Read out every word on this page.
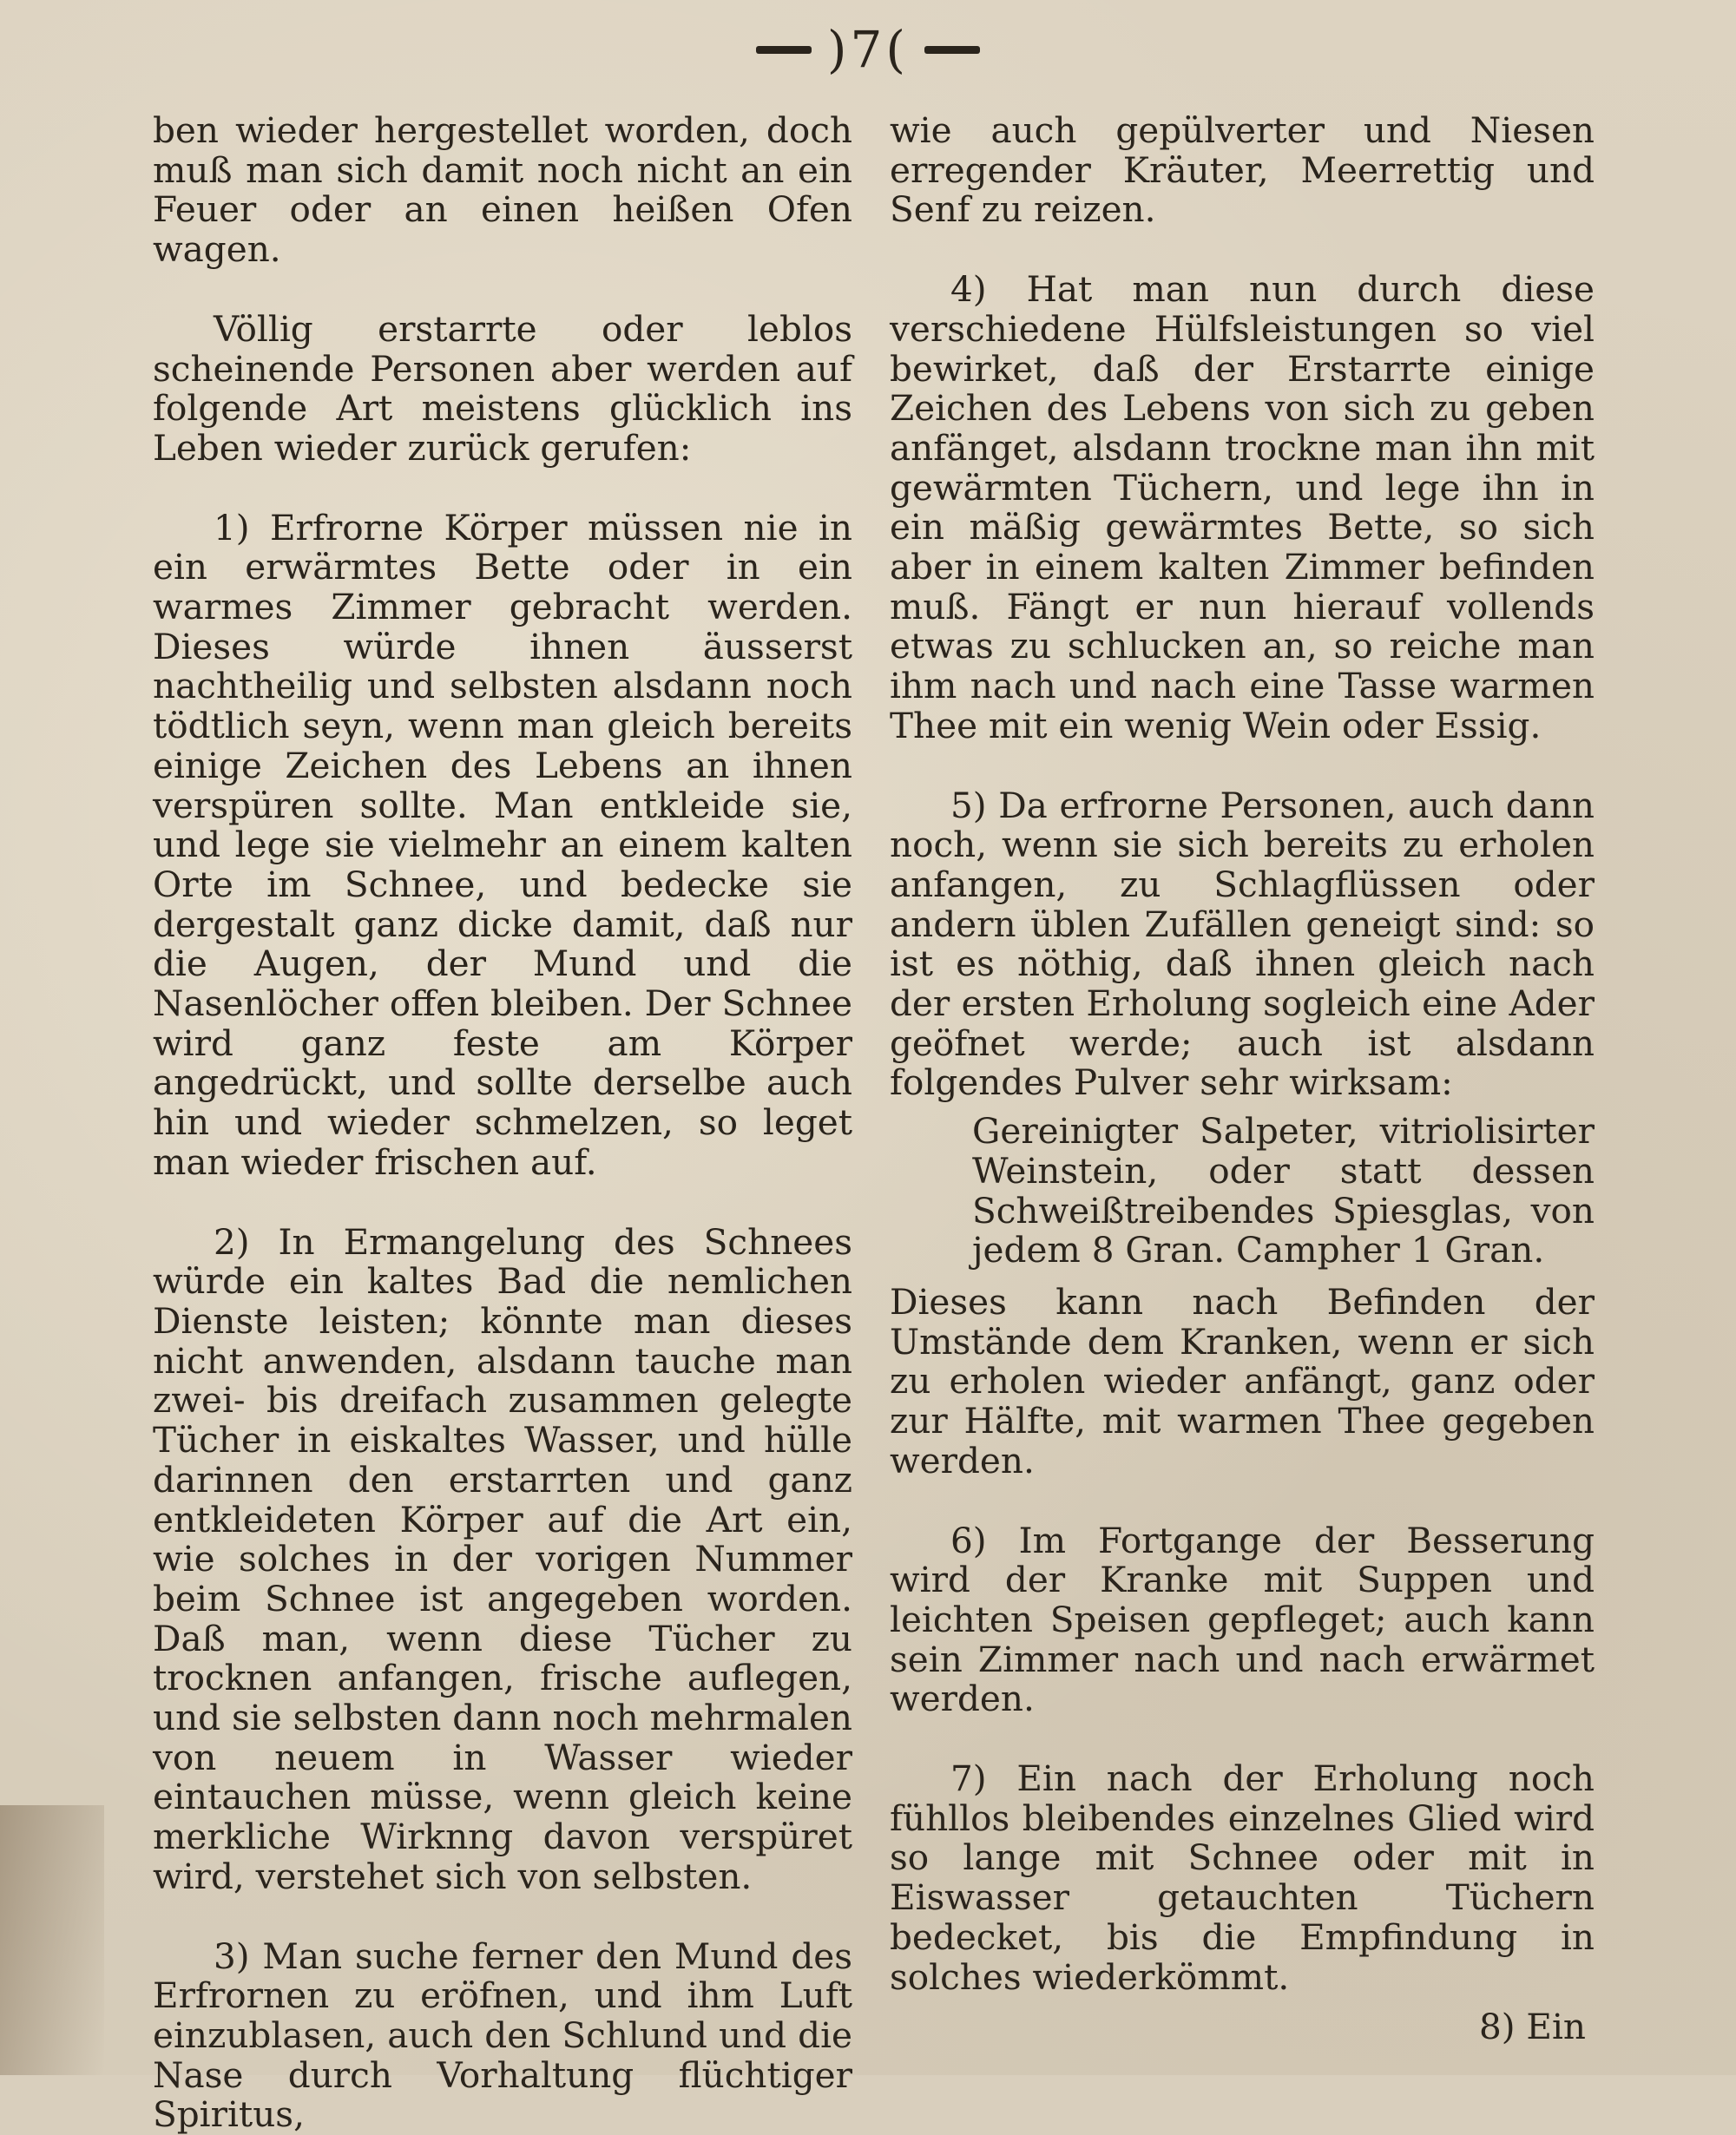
)7(

ben wieder hergestellet worden, doch muß man sich damit noch nicht an ein Feuer oder an einen heißen Ofen wagen.

Völlig erstarrte oder leblos scheinende Personen aber werden auf folgende Art meistens glücklich ins Leben wieder zurück gerufen:

1) Erfrorne Körper müssen nie in ein erwärmtes Bette oder in ein warmes Zimmer gebracht werden. Dieses würde ihnen äusserst nachtheilig und selbsten alsdann noch tödtlich seyn, wenn man gleich bereits einige Zeichen des Lebens an ihnen verspüren sollte. Man entkleide sie, und lege sie vielmehr an einem kalten Orte im Schnee, und bedecke sie dergestalt ganz dicke damit, daß nur die Augen, der Mund und die Nasenlöcher offen bleiben. Der Schnee wird ganz feste am Körper angedrückt, und sollte derselbe auch hin und wieder schmelzen, so leget man wieder frischen auf.

2) In Ermangelung des Schnees würde ein kaltes Bad die nemlichen Dienste leisten; könnte man dieses nicht anwenden, alsdann tauche man zwei- bis dreifach zusammen gelegte Tücher in eiskaltes Wasser, und hülle darinnen den erstarrten und ganz entkleideten Körper auf die Art ein, wie solches in der vorigen Nummer beim Schnee ist angegeben worden. Daß man, wenn diese Tücher zu trocknen anfangen, frische auflegen, und sie selbsten dann noch mehrmalen von neuem in Wasser wieder eintauchen müsse, wenn gleich keine merkliche Wirknng davon verspüret wird, verstehet sich von selbsten.

3) Man suche ferner den Mund des Erfrornen zu eröfnen, und ihm Luft einzublasen, auch den Schlund und die Nase durch Vorhaltung flüchtiger Spiritus,

wie auch gepülverter und Niesen erregender Kräuter, Meerrettig und Senf zu reizen.

4) Hat man nun durch diese verschiedene Hülfsleistungen so viel bewirket, daß der Erstarrte einige Zeichen des Lebens von sich zu geben anfänget, alsdann trockne man ihn mit gewärmten Tüchern, und lege ihn in ein mäßig gewärmtes Bette, so sich aber in einem kalten Zimmer befinden muß. Fängt er nun hierauf vollends etwas zu schlucken an, so reiche man ihm nach und nach eine Tasse warmen Thee mit ein wenig Wein oder Essig.

5) Da erfrorne Personen, auch dann noch, wenn sie sich bereits zu erholen anfangen, zu Schlagflüssen oder andern üblen Zufällen geneigt sind: so ist es nöthig, daß ihnen gleich nach der ersten Erholung sogleich eine Ader geöfnet werde; auch ist alsdann folgendes Pulver sehr wirksam:

Gereinigter Salpeter, vitriolisirter Weinstein, oder statt dessen Schweißtreibendes Spiesglas, von jedem 8 Gran. Campher 1 Gran.

Dieses kann nach Befinden der Umstände dem Kranken, wenn er sich zu erholen wieder anfängt, ganz oder zur Hälfte, mit warmen Thee gegeben werden.

6) Im Fortgange der Besserung wird der Kranke mit Suppen und leichten Speisen gepfleget; auch kann sein Zimmer nach und nach erwärmet werden.

7) Ein nach der Erholung noch fühllos bleibendes einzelnes Glied wird so lange mit Schnee oder mit in Eiswasser getauchten Tüchern bedecket, bis die Empfindung in solches wiederkömmt.

8) Ein
